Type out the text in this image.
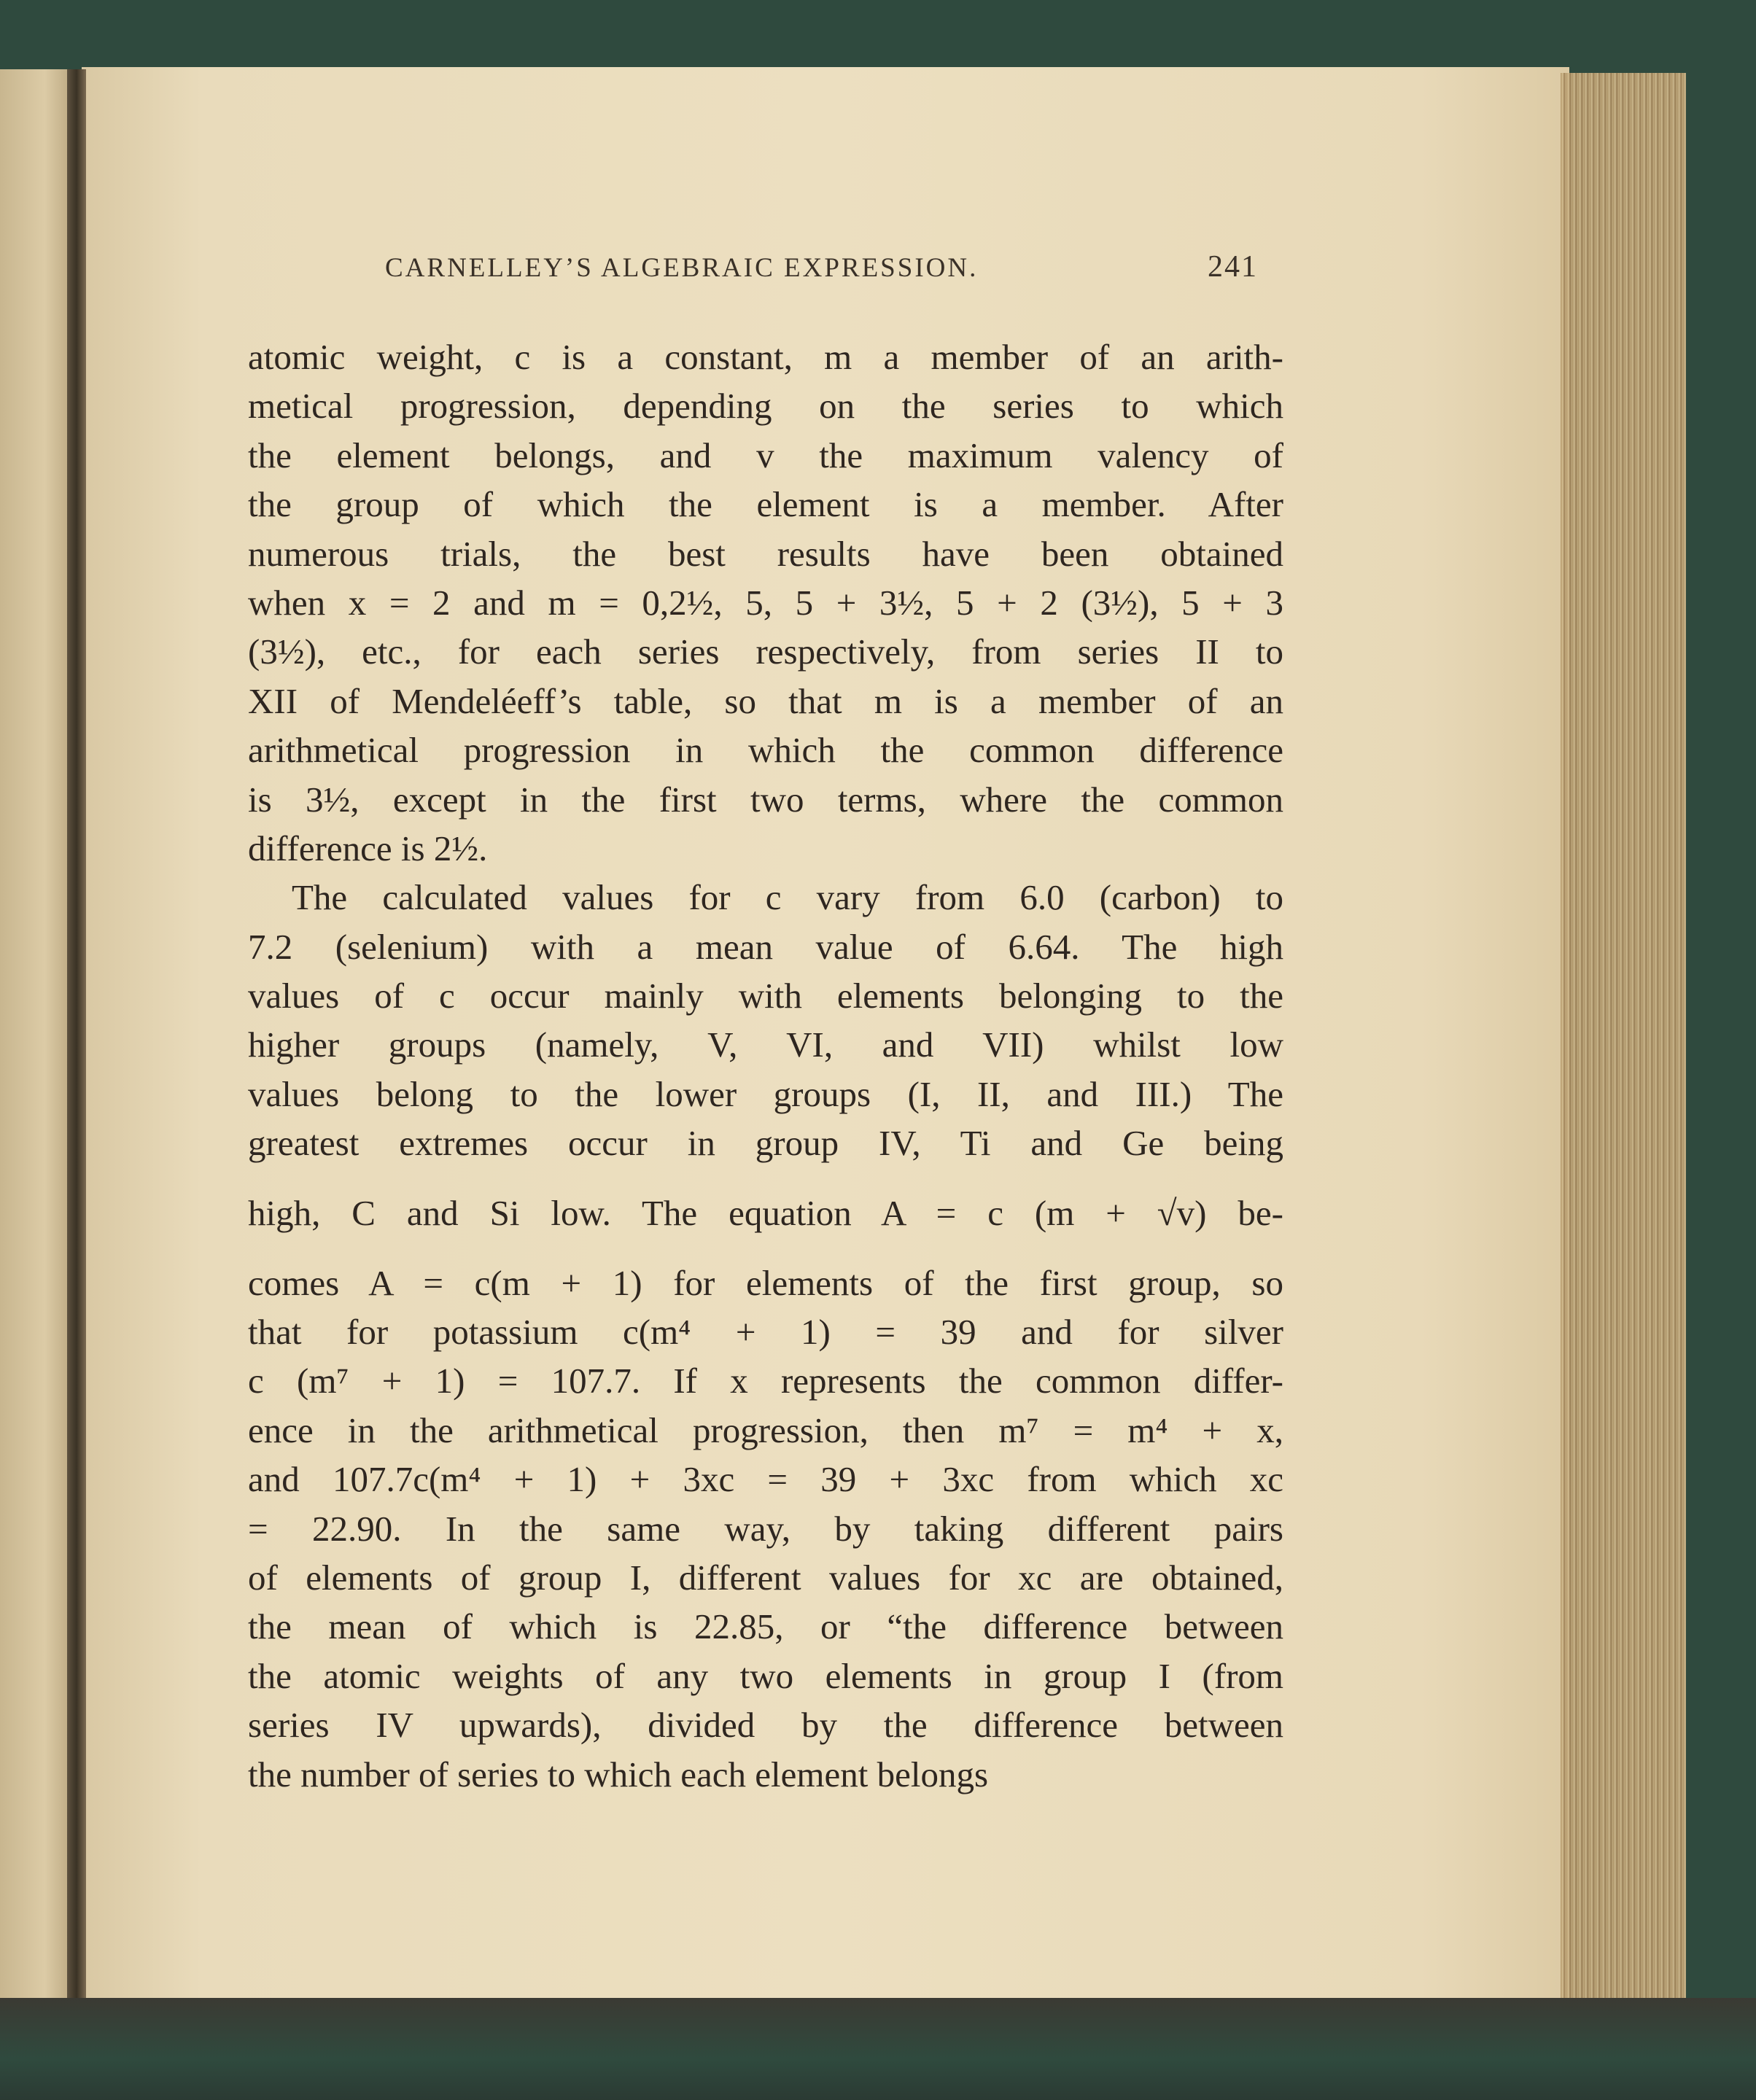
CARNELLEY’S ALGEBRAIC EXPRESSION.	241
atomic weight, c is a constant, m a member of an arith-
metical progression, depending on the series to which
the element belongs, and v the maximum valency of
the group of which the element is a member. After
numerous trials, the best results have been obtained
when x = 2 and m = 0,2½, 5, 5 + 3½, 5 + 2 (3½), 5 + 3
(3½), etc., for each series respectively, from series II to
XII of Mendeléeff’s table, so that m is a member of an
arithmetical progression in which the common difference
is 3½, except in the first two terms, where the common
difference is 2½.
The calculated values for c vary from 6.0 (carbon) to
7.2 (selenium) with a mean value of 6.64. The high
values of c occur mainly with elements belonging to the
higher groups (namely, V, VI, and VII) whilst low
values belong to the lower groups (I, II, and III.) The
greatest extremes occur in group IV, Ti and Ge being
high, C and Si low. The equation A = c (m + √v) be-
comes A = c(m + 1) for elements of the first group, so
that for potassium c(m⁴ + 1) = 39 and for silver
c (m⁷ + 1) = 107.7. If x represents the common differ-
ence in the arithmetical progression, then m⁷ = m⁴ + x,
and 107.7c(m⁴ + 1) + 3xc = 39 + 3xc from which xc
= 22.90. In the same way, by taking different pairs
of elements of group I, different values for xc are obtained,
the mean of which is 22.85, or “the difference between
the atomic weights of any two elements in group I (from
series IV upwards), divided by the difference between
the number of series to which each element belongs
